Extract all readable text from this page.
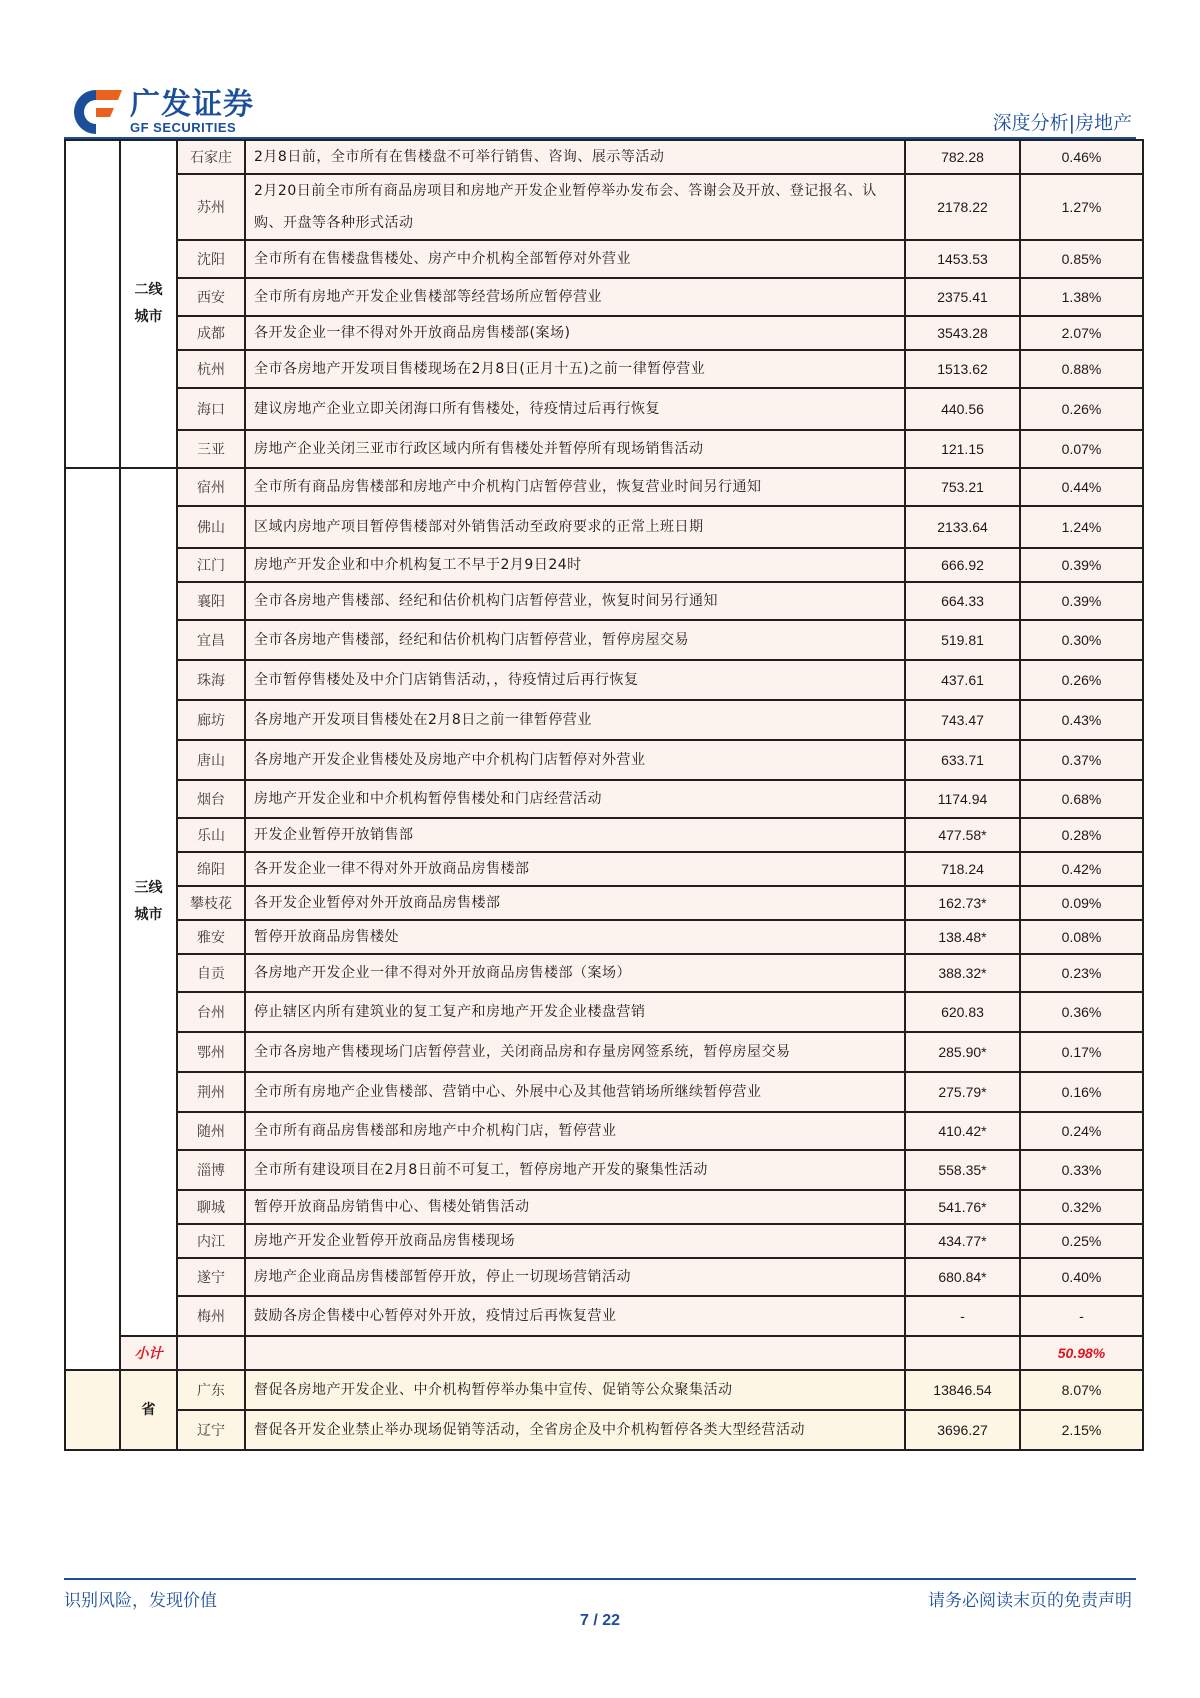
广发证券
GF SECURITIES	深度分析|房地产
	二线
城市	石家庄	2月8日前，全市所有在售楼盘不可举行销售、咨询、展示等活动	782.28	0.46%
		苏州	2月20日前全市所有商品房项目和房地产开发企业暂停举办发布会、答谢会及开放、登记报名、认购、开盘等各种形式活动	2178.22	1.27%
		沈阳	全市所有在售楼盘售楼处、房产中介机构全部暂停对外营业	1453.53	0.85%
		西安	全市所有房地产开发企业售楼部等经营场所应暂停营业	2375.41	1.38%
		成都	各开发企业一律不得对外开放商品房售楼部(案场)	3543.28	2.07%
		杭州	全市各房地产开发项目售楼现场在2月8日(正月十五)之前一律暂停营业	1513.62	0.88%
		海口	建议房地产企业立即关闭海口所有售楼处，待疫情过后再行恢复	440.56	0.26%
		三亚	房地产企业关闭三亚市行政区域内所有售楼处并暂停所有现场销售活动	121.15	0.07%
	三线
城市	宿州	全市所有商品房售楼部和房地产中介机构门店暂停营业，恢复营业时间另行通知	753.21	0.44%
		佛山	区域内房地产项目暂停售楼部对外销售活动至政府要求的正常上班日期	2133.64	1.24%
		江门	房地产开发企业和中介机构复工不早于2月9日24时	666.92	0.39%
		襄阳	全市各房地产售楼部、经纪和估价机构门店暂停营业，恢复时间另行通知	664.33	0.39%
		宜昌	全市各房地产售楼部，经纪和估价机构门店暂停营业，暂停房屋交易	519.81	0.30%
		珠海	全市暂停售楼处及中介门店销售活动，，待疫情过后再行恢复	437.61	0.26%
		廊坊	各房地产开发项目售楼处在2月8日之前一律暂停营业	743.47	0.43%
		唐山	各房地产开发企业售楼处及房地产中介机构门店暂停对外营业	633.71	0.37%
		烟台	房地产开发企业和中介机构暂停售楼处和门店经营活动	1174.94	0.68%
		乐山	开发企业暂停开放销售部	477.58*	0.28%
		绵阳	各开发企业一律不得对外开放商品房售楼部	718.24	0.42%
		攀枝花	各开发企业暂停对外开放商品房售楼部	162.73*	0.09%
		雅安	暂停开放商品房售楼处	138.48*	0.08%
		自贡	各房地产开发企业一律不得对外开放商品房售楼部（案场）	388.32*	0.23%
		台州	停止辖区内所有建筑业的复工复产和房地产开发企业楼盘营销	620.83	0.36%
		鄂州	全市各房地产售楼现场门店暂停营业，关闭商品房和存量房网签系统，暂停房屋交易	285.90*	0.17%
		荆州	全市所有房地产企业售楼部、营销中心、外展中心及其他营销场所继续暂停营业	275.79*	0.16%
		随州	全市所有商品房售楼部和房地产中介机构门店，暂停营业	410.42*	0.24%
		淄博	全市所有建设项目在2月8日前不可复工，暂停房地产开发的聚集性活动	558.35*	0.33%
		聊城	暂停开放商品房销售中心、售楼处销售活动	541.76*	0.32%
		内江	房地产开发企业暂停开放商品房售楼现场	434.77*	0.25%
		遂宁	房地产企业商品房售楼部暂停开放，停止一切现场营销活动	680.84*	0.40%
		梅州	鼓励各房企售楼中心暂停对外开放，疫情过后再恢复营业	-	-
	小计				50.98%
	省	广东	督促各房地产开发企业、中介机构暂停举办集中宣传、促销等公众聚集活动	13846.54	8.07%
		辽宁	督促各开发企业禁止举办现场促销等活动，全省房企及中介机构暂停各类大型经营活动	3696.27	2.15%
识别风险，发现价值	请务必阅读末页的免责声明
7 / 22
